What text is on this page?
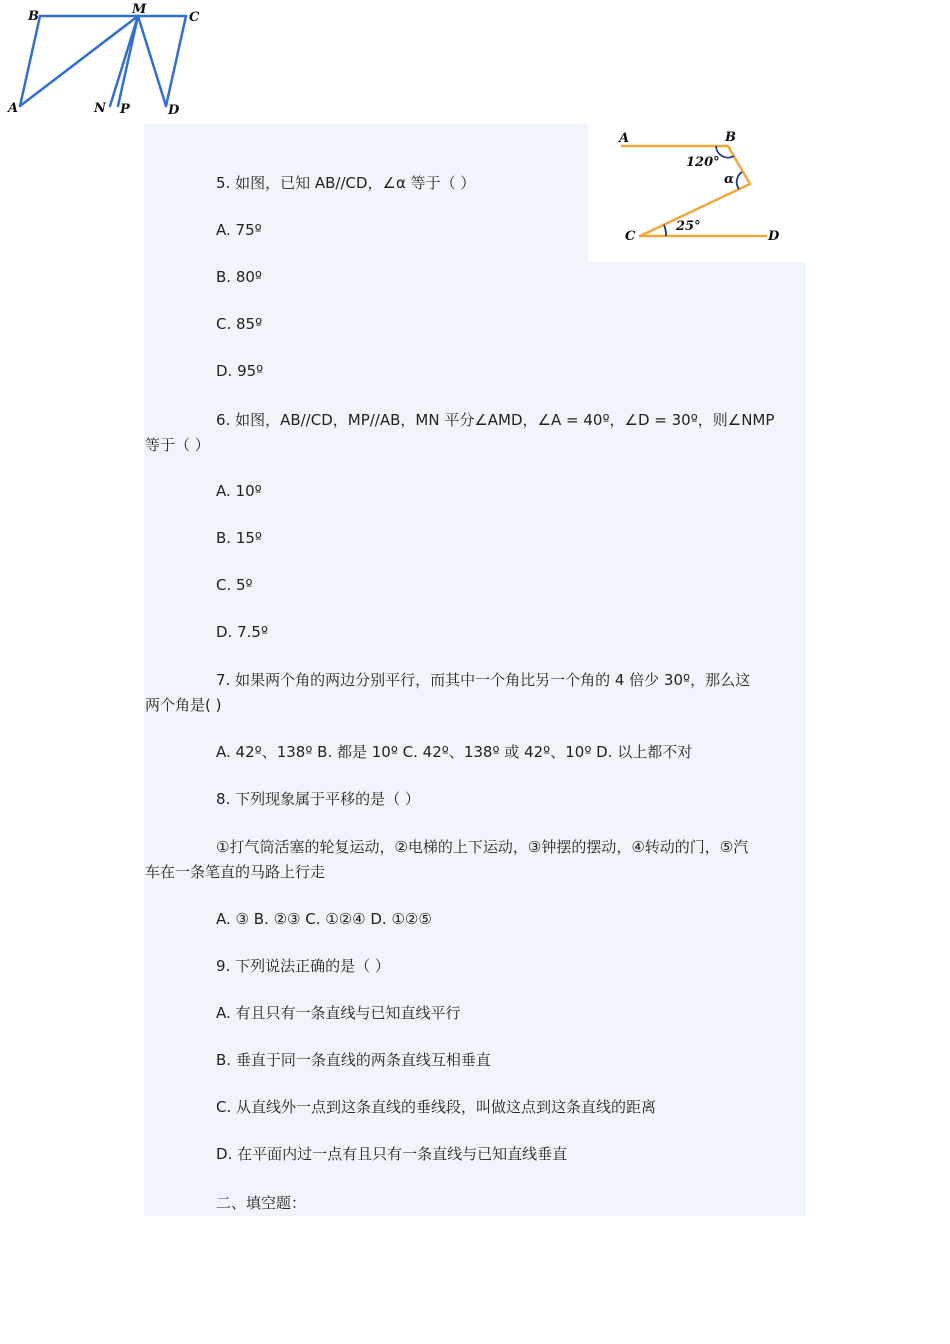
B	M
C
A	N P	D
A	B
120°
α
25°
C	D
5. 如图，已知 AB//CD，∠α 等于（ ）
A. 75º
B. 80º
C. 85º
D. 95º
6. 如图，AB//CD，MP//AB，MN 平分∠AMD，∠A = 40º，∠D = 30º，则∠NMP
等于（ ）
A. 10º
B. 15º
C. 5º
D. 7.5º
7. 如果两个角的两边分别平行，而其中一个角比另一个角的 4 倍少 30º，那么这
两个角是( )
A. 42º、138º B. 都是 10º C. 42º、138º 或 42º、10º D. 以上都不对
8. 下列现象属于平移的是（ ）
①打气筒活塞的轮复运动，②电梯的上下运动，③钟摆的摆动，④转动的门，⑤汽
车在一条笔直的马路上行走
A. ③ B. ②③ C. ①②④ D. ①②⑤
9. 下列说法正确的是（ ）
A. 有且只有一条直线与已知直线平行
B. 垂直于同一条直线的两条直线互相垂直
C. 从直线外一点到这条直线的垂线段，叫做这点到这条直线的距离
D. 在平面内过一点有且只有一条直线与已知直线垂直
二、填空题：
